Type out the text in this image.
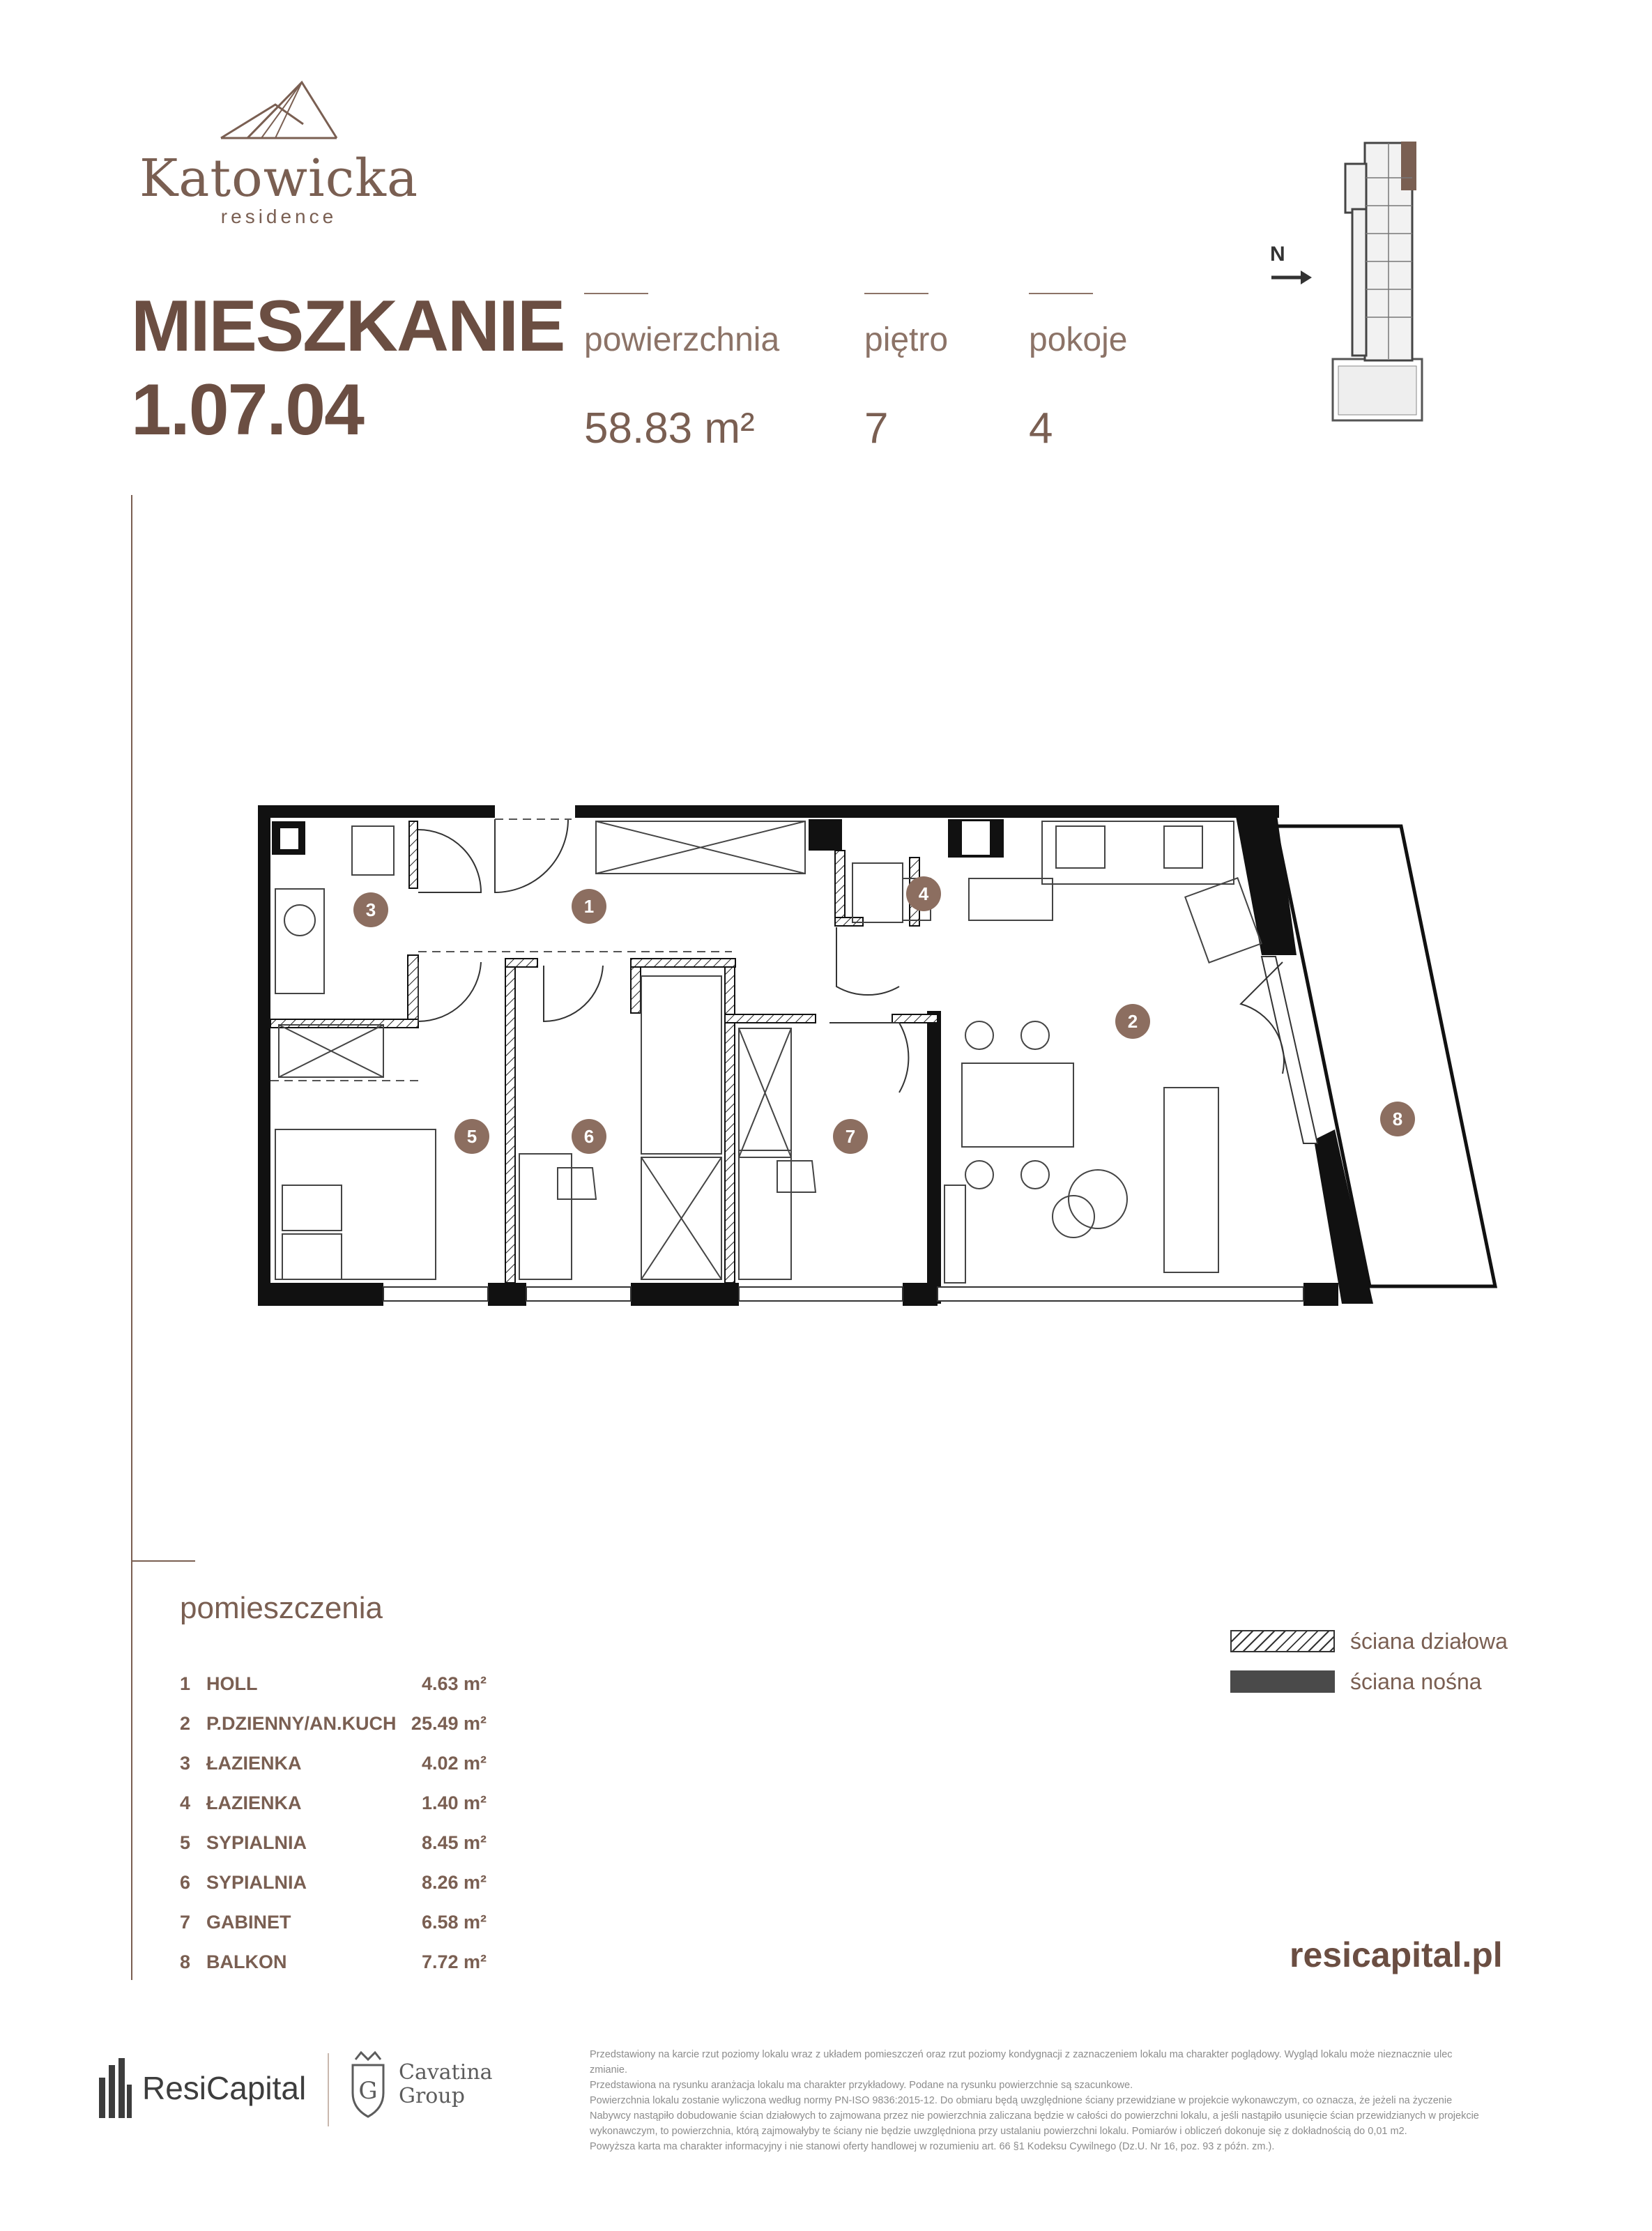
Katowicka
residence
MIESZKANIE
1.07.04
powierzchnia
58.83 m²
piętro
7
pokoje
4
N
1
2
3
4
5	6	7
8
pomieszczenia
1 HOLL	4.63 m²
2 P.DZIENNY/AN.KUCH 25.49 m²
3 ŁAZIENKA	4.02 m²
4 ŁAZIENKA	1.40 m²
5 SYPIALNIA	8.45 m²
6 SYPIALNIA	8.26 m²
7 GABINET	6.58 m²
8 BALKON	7.72 m²
ściana działowa
ściana nośna
resicapital.pl
ResiCapital G
Cavatina
Group
Przedstawiony na karcie rzut poziomy lokalu wraz z układem pomieszczeń oraz rzut poziomy kondygnacji z zaznaczeniem lokalu ma charakter poglądowy. Wygląd lokalu może nieznacznie ulec zmianie.
Przedstawiona na rysunku aranżacja lokalu ma charakter przykładowy. Podane na rysunku powierzchnie są szacunkowe.
Powierzchnia lokalu zostanie wyliczona według normy PN-ISO 9836:2015-12. Do obmiaru będą uwzględnione ściany przewidziane w projekcie wykonawczym, co oznacza, że jeżeli na życzenie Nabywcy nastąpiło dobudowanie ścian działowych to zajmowana przez nie powierzchnia zaliczana będzie w całości do powierzchni lokalu, a jeśli nastąpiło usunięcie ścian przewidzianych w projekcie wykonawczym, to powierzchnia, którą zajmowałyby te ściany nie będzie uwzględniona przy ustalaniu powierzchni lokalu. Pomiarów i obliczeń dokonuje się z dokładnością do 0,01 m2.
Powyższa karta ma charakter informacyjny i nie stanowi oferty handlowej w rozumieniu art. 66 §1 Kodeksu Cywilnego (Dz.U. Nr 16, poz. 93 z późn. zm.).
